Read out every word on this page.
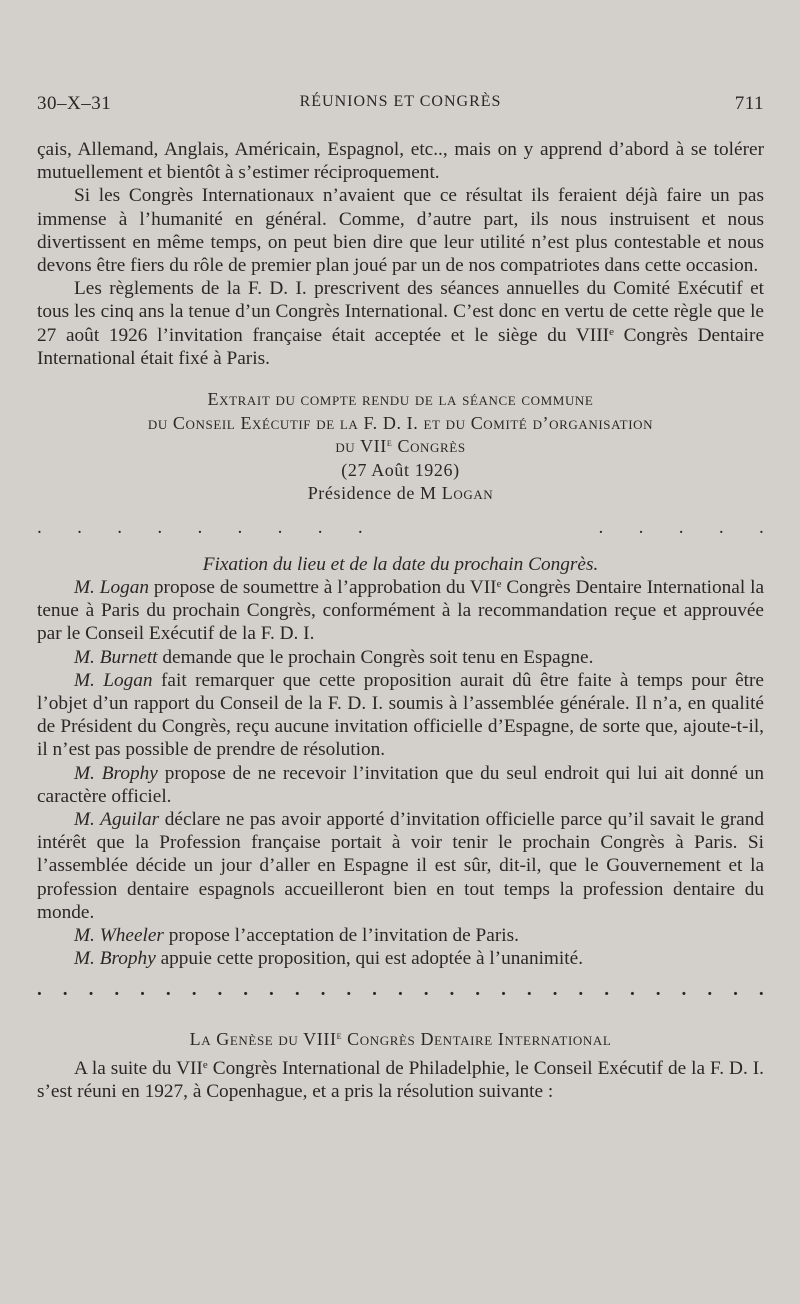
30–X–31	RÉUNIONS ET CONGRÈS	711

çais, Allemand, Anglais, Américain, Espagnol, etc.., mais on y apprend d’abord à se tolérer mutuellement et bientôt à s’estimer réciproquement.

Si les Congrès Internationaux n’avaient que ce résultat ils feraient déjà faire un pas immense à l’humanité en général. Comme, d’autre part, ils nous instruisent et nous divertissent en même temps, on peut bien dire que leur utilité n’est plus contestable et nous devons être fiers du rôle de premier plan joué par un de nos compatriotes dans cette occasion.

Les règlements de la F. D. I. prescrivent des séances annuelles du Comité Exécutif et tous les cinq ans la tenue d’un Congrès International. C’est donc en vertu de cette règle que le 27 août 1926 l’invitation française était acceptée et le siège du VIIIe Congrès Dentaire International était fixé à Paris.

Extrait du compte rendu de la séance commune
du Conseil Exécutif de la F. D. I. et du Comité d’organisation
du VIIe Congrès
(27 Août 1926)
Présidence de M Logan
. . . . . . . . .

	. . . . .

Fixation du lieu et de la date du prochain Congrès.

M. Logan propose de soumettre à l’approbation du VIIe Congrès Dentaire International la tenue à Paris du prochain Congrès, conformément à la recommandation reçue et approuvée par le Conseil Exécutif de la F. D. I.

M. Burnett demande que le prochain Congrès soit tenu en Espagne.

M. Logan fait remarquer que cette proposition aurait dû être faite à temps pour être l’objet d’un rapport du Conseil de la F. D. I. soumis à l’assemblée générale. Il n’a, en qualité de Président du Congrès, reçu aucune invitation officielle d’Espagne, de sorte que, ajoute-t-il, il n’est pas possible de prendre de résolution.

M. Brophy propose de ne recevoir l’invitation que du seul endroit qui lui ait donné un caractère officiel.

M. Aguilar déclare ne pas avoir apporté d’invitation officielle parce qu’il savait le grand intérêt que la Profession française portait à voir tenir le prochain Congrès à Paris. Si l’assemblée décide un jour d’aller en Espagne il est sûr, dit-il, que le Gouvernement et la profession dentaire espagnols accueilleront bien en tout temps la profession dentaire du monde.

M. Wheeler propose l’acceptation de l’invitation de Paris.

M. Brophy appuie cette proposition, qui est adoptée à l’unanimité.

. . . . . . . . . . . . . . . . . . . . . . . . . . . . .
La Genèse du VIIIe Congrès Dentaire International

A la suite du VIIe Congrès International de Philadelphie, le Conseil Exécutif de la F. D. I. s’est réuni en 1927, à Copenhague, et a pris la résolution suivante :
